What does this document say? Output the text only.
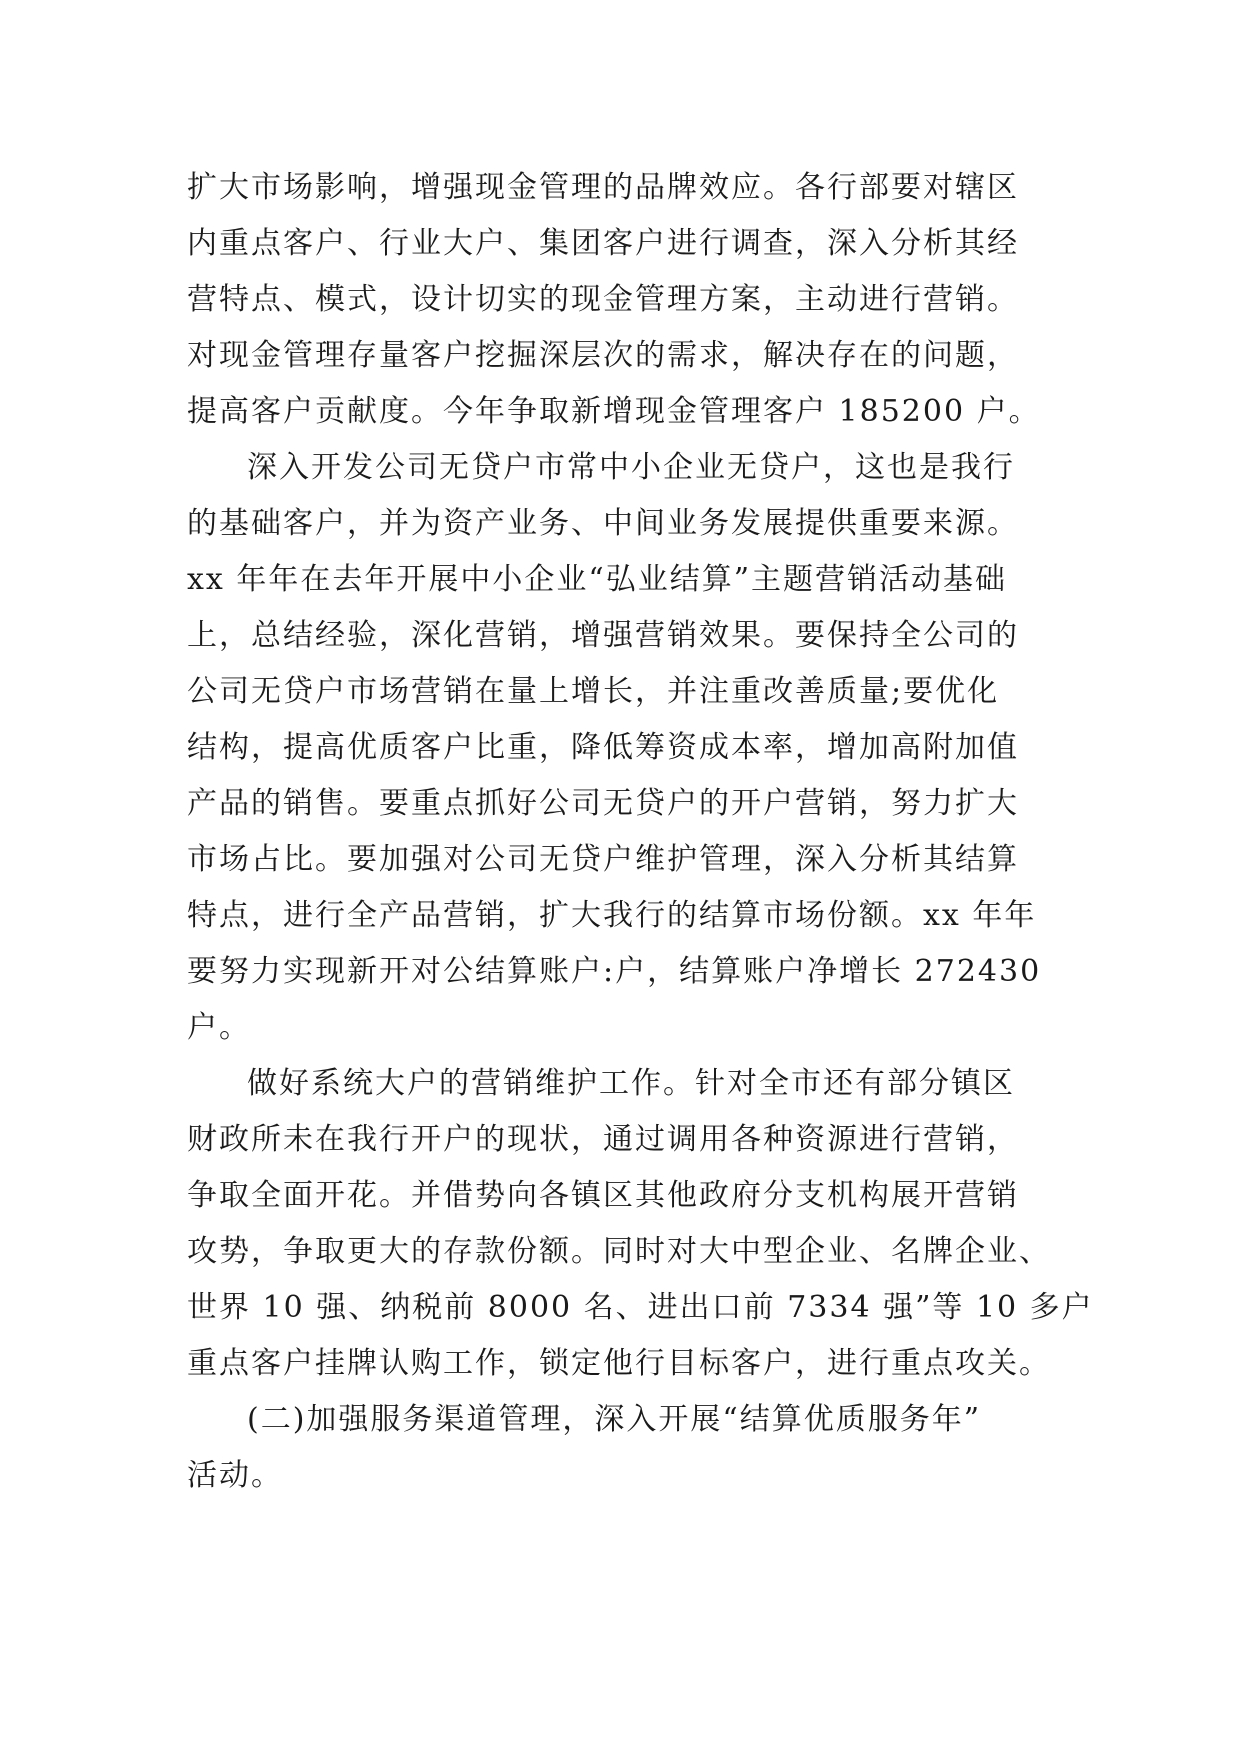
扩大市场影响，增强现金管理的品牌效应。各行部要对辖区
内重点客户、行业大户、集团客户进行调查，深入分析其经
营特点、模式，设计切实的现金管理方案，主动进行营销。
对现金管理存量客户挖掘深层次的需求，解决存在的问题，
提高客户贡献度。今年争取新增现金管理客户 185200 户。
深入开发公司无贷户市常中小企业无贷户，这也是我行
的基础客户，并为资产业务、中间业务发展提供重要来源。
xx 年年在去年开展中小企业“弘业结算”主题营销活动基础
上，总结经验，深化营销，增强营销效果。要保持全公司的
公司无贷户市场营销在量上增长，并注重改善质量;要优化
结构，提高优质客户比重，降低筹资成本率，增加高附加值
产品的销售。要重点抓好公司无贷户的开户营销，努力扩大
市场占比。要加强对公司无贷户维护管理，深入分析其结算
特点，进行全产品营销，扩大我行的结算市场份额。xx 年年
要努力实现新开对公结算账户:户，结算账户净增长 272430
户。
做好系统大户的营销维护工作。针对全市还有部分镇区
财政所未在我行开户的现状，通过调用各种资源进行营销，
争取全面开花。并借势向各镇区其他政府分支机构展开营销
攻势，争取更大的存款份额。同时对大中型企业、名牌企业、
世界 10 强、纳税前 8000 名、进出口前 7334 强”等 10 多户
重点客户挂牌认购工作，锁定他行目标客户，进行重点攻关。
(二)加强服务渠道管理，深入开展“结算优质服务年”
活动。
